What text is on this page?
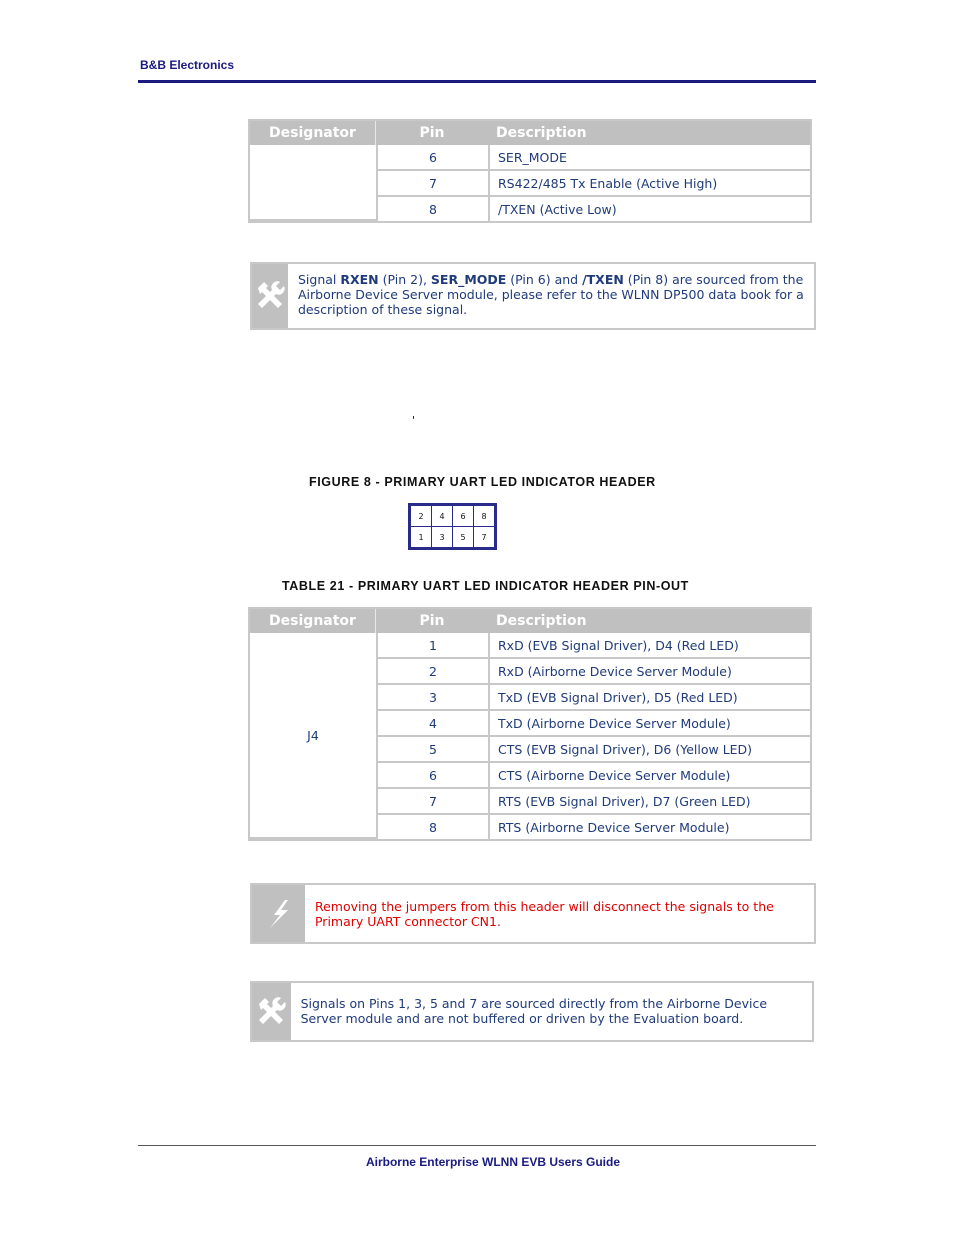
B&B Electronics
Designator	Pin	Description
	6	SER_MODE
	7	RS422/485 Tx Enable (Active High)
	8	/TXEN (Active Low)
Signal RXEN (Pin 2), SER_MODE (Pin 6) and /TXEN (Pin 8) are sourced from the Airborne Device Server module, please refer to the WLNN DP500 data book for a description of these signal.
'
FIGURE 8 - PRIMARY UART LED INDICATOR HEADER
2	4	6	8
1	3	5	7
TABLE 21 - PRIMARY UART LED INDICATOR HEADER PIN-OUT
Designator	Pin	Description
J4	1	RxD (EVB Signal Driver), D4 (Red LED)
	2	RxD (Airborne Device Server Module)
	3	TxD (EVB Signal Driver), D5 (Red LED)
	4	TxD (Airborne Device Server Module)
	5	CTS (EVB Signal Driver), D6 (Yellow LED)
	6	CTS (Airborne Device Server Module)
	7	RTS (EVB Signal Driver), D7 (Green LED)
	8	RTS (Airborne Device Server Module)
Removing the jumpers from this header will disconnect the signals to the Primary UART connector CN1.
Signals on Pins 1, 3, 5 and 7 are sourced directly from the Airborne Device Server module and are not buffered or driven by the Evaluation board.
Airborne Enterprise WLNN EVB Users Guide
